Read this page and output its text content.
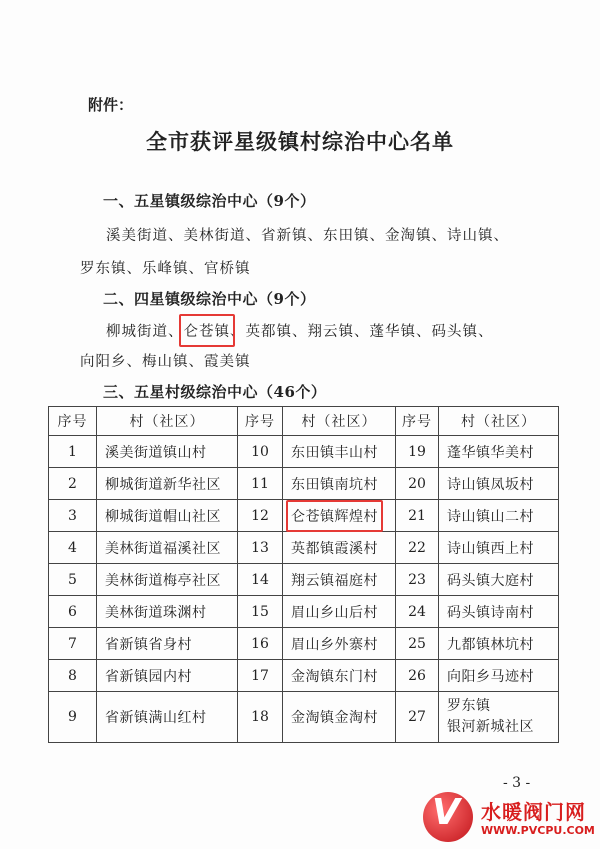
附件：
全市获评星级镇村综治中心名单
一、五星镇级综治中心（9个）
溪美街道、美林街道、省新镇、东田镇、金淘镇、诗山镇、
罗东镇、乐峰镇、官桥镇
二、四星镇级综治中心（9个）
柳城街道、仑苍镇、英都镇、翔云镇、蓬华镇、码头镇、
向阳乡、梅山镇、霞美镇
三、五星村级综治中心（46个）
序号	村（社区）	序号	村（社区）	序号	村（社区）
1	溪美街道镇山村	10	东田镇丰山村	19	蓬华镇华美村
2	柳城街道新华社区	11	东田镇南坑村	20	诗山镇凤坂村
3	柳城街道帽山社区	12	仑苍镇辉煌村	21	诗山镇山二村
4	美林街道福溪社区	13	英都镇霞溪村	22	诗山镇西上村
5	美林街道梅亭社区	14	翔云镇福庭村	23	码头镇大庭村
6	美林街道珠渊村	15	眉山乡山后村	24	码头镇诗南村
7	省新镇省身村	16	眉山乡外寨村	25	九都镇林坑村
8	省新镇园内村	17	金淘镇东门村	26	向阳乡马迹村
9	省新镇满山红村	18	金淘镇金淘村	27	罗东镇
银河新城社区
- 3 -
V 水暖阀门网
WWW.PVCPU.COM
